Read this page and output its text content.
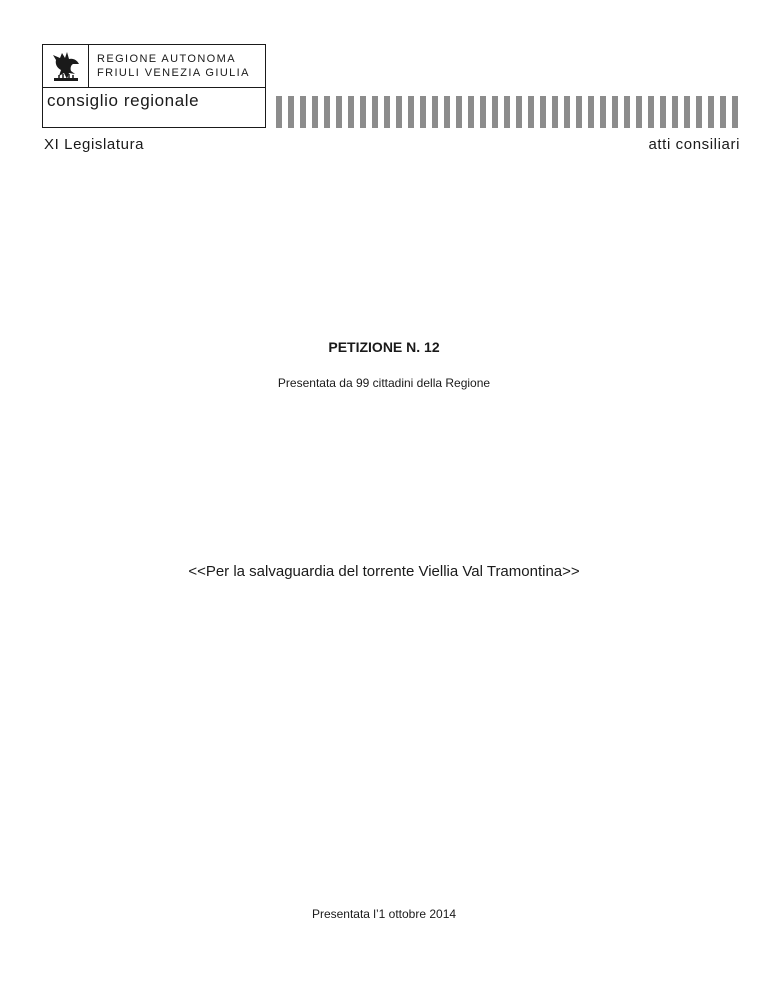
REGIONE AUTONOMA
FRIULI VENEZIA GIULIA
consiglio regionale
XI Legislatura	atti consiliari
PETIZIONE N. 12
Presentata da 99 cittadini della Regione
<<Per la salvaguardia del torrente Viellia Val Tramontina>>
Presentata l’1 ottobre 2014
